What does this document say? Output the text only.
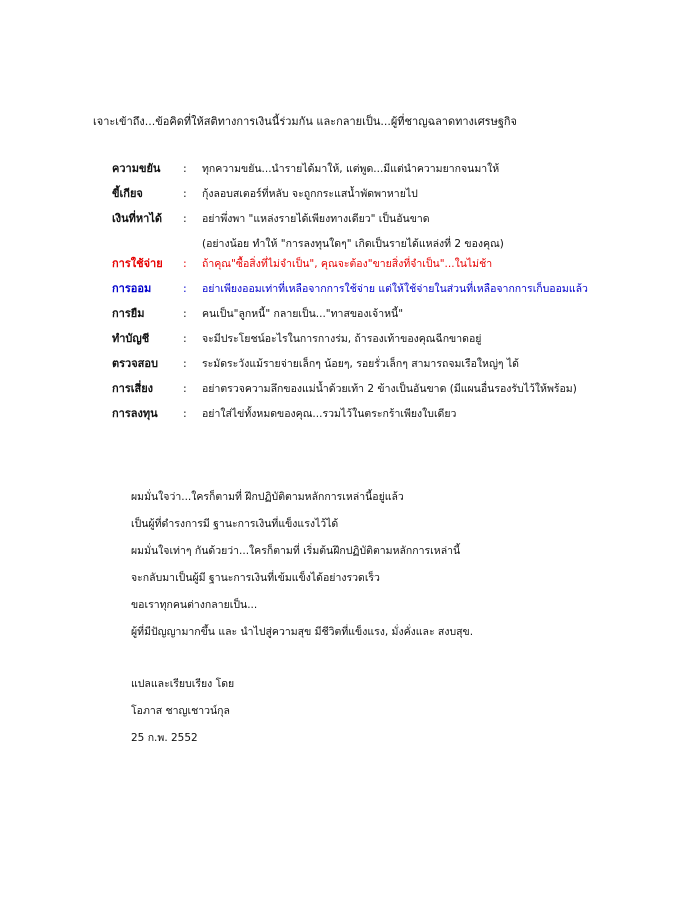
เจาะเข้าถึง...ข้อคิดที่ให้สติทางการเงินนี้ร่วมกัน และกลายเป็น...ผู้ที่ชาญฉลาดทางเศรษฐกิจ
ความขยัน	: ทุกความขยัน...นำรายได้มาให้, แต่พูด...มีแต่นำความยากจนมาให้
ขี้เกียจ	: กุ้งลอบสเตอร์ที่หลับ จะถูกกระแสน้ำพัดพาหายไป
เงินที่หาได้	: อย่าพึ่งพา "แหล่งรายได้เพียงทางเดียว" เป็นอันขาด
(อย่างน้อย ทำให้ "การลงทุนใดๆ" เกิดเป็นรายได้แหล่งที่ 2 ของคุณ)
การใช้จ่าย	: ถ้าคุณ"ซื้อสิ่งที่ไม่จำเป็น", คุณจะต้อง"ขายสิ่งที่จำเป็น"...ในไม่ช้า
การออม	: อย่าเพียงออมเท่าที่เหลือจากการใช้จ่าย แต่ให้ใช้จ่ายในส่วนที่เหลือจากการเก็บออมแล้ว
การยืม	: คนเป็น"ลูกหนี้" กลายเป็น..."ทาสของเจ้าหนี้"
ทำบัญชี	: จะมีประโยชน์อะไรในการกางร่ม, ถ้ารองเท้าของคุณฉีกขาดอยู่
ตรวจสอบ	: ระมัดระวังแม้รายจ่ายเล็กๆ น้อยๆ, รอยรั่วเล็กๆ สามารถจมเรือใหญ่ๆ ได้
การเสี่ยง	: อย่าตรวจความลึกของแม่น้ำด้วยเท้า 2 ข้างเป็นอันขาด (มีแผนอื่นรองรับไว้ให้พร้อม)
การลงทุน	: อย่าใส่ไข่ทั้งหมดของคุณ...รวมไว้ในตระกร้าเพียงใบเดียว
ผมมั่นใจว่า...ใครก็ตามที่ ฝึกปฏิบัติตามหลักการเหล่านี้อยู่แล้ว
เป็นผู้ที่ดำรงการมี ฐานะการเงินที่แข็งแรงไว้ได้
ผมมั่นใจเท่าๆ กันด้วยว่า...ใครก็ตามที่ เริ่มต้นฝึกปฏิบัติตามหลักการเหล่านี้
จะกลับมาเป็นผู้มี ฐานะการเงินที่เข้มแข็งได้อย่างรวดเร็ว
ขอเราทุกคนต่างกลายเป็น...
ผู้ที่มีปัญญามากขึ้น และ นำไปสู่ความสุข มีชีวิตที่แข็งแรง, มั่งคั่งและ สงบสุข.
แปลและเรียบเรียง โดย
โอภาส ชาญเชาวน์กุล
25 ก.พ. 2552
